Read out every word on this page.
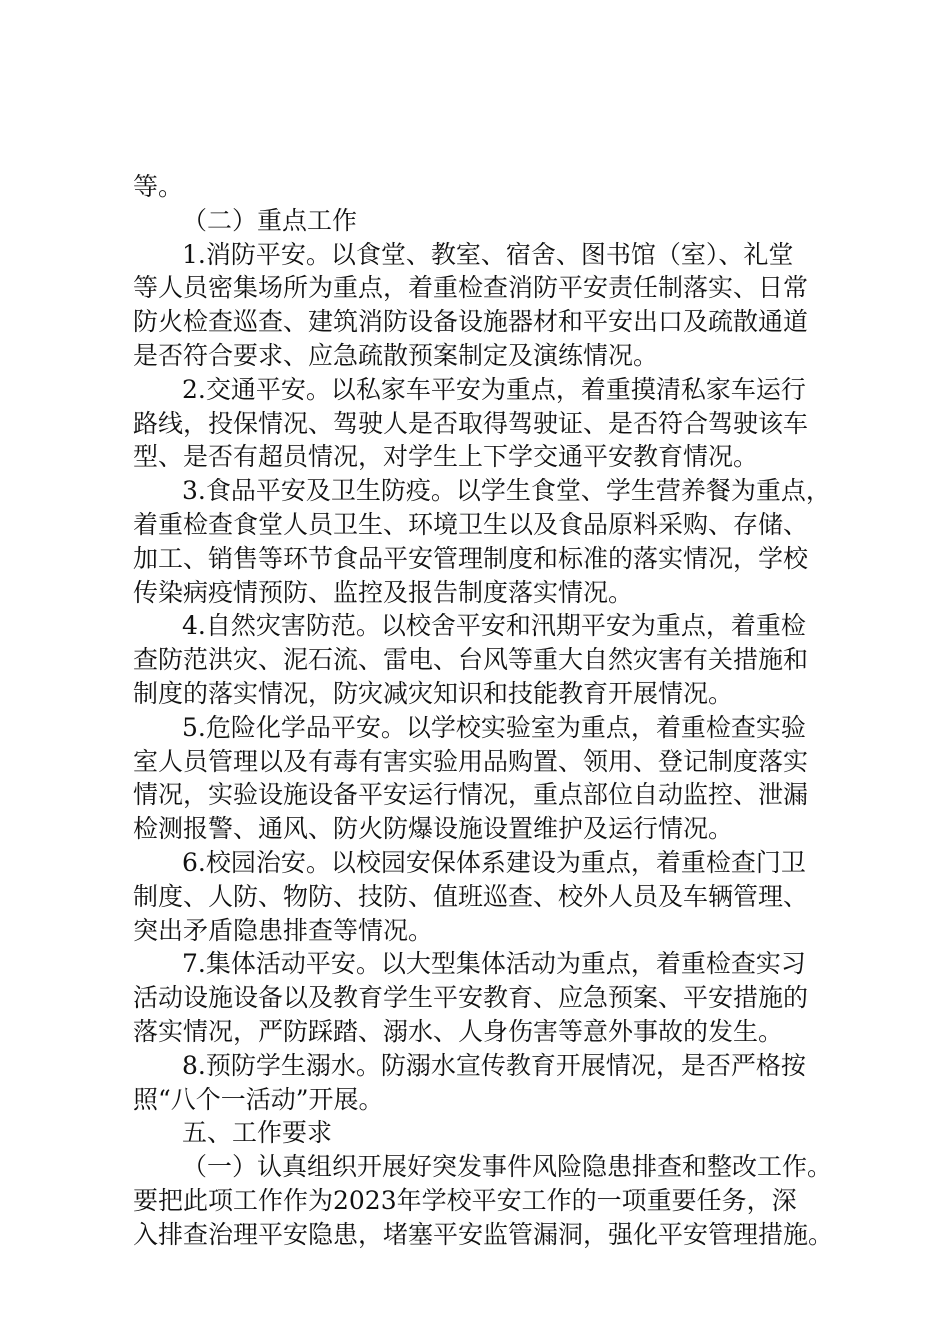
等。
（二）重点工作
1.消防平安。以食堂、教室、宿舍、图书馆（室）、礼堂
等人员密集场所为重点，着重检查消防平安责任制落实、日常
防火检查巡查、建筑消防设备设施器材和平安出口及疏散通道
是否符合要求、应急疏散预案制定及演练情况。
2.交通平安。以私家车平安为重点，着重摸清私家车运行
路线，投保情况、驾驶人是否取得驾驶证、是否符合驾驶该车
型、是否有超员情况，对学生上下学交通平安教育情况。
3.食品平安及卫生防疫。以学生食堂、学生营养餐为重点，
着重检查食堂人员卫生、环境卫生以及食品原料采购、存储、
加工、销售等环节食品平安管理制度和标准的落实情况，学校
传染病疫情预防、监控及报告制度落实情况。
4.自然灾害防范。以校舍平安和汛期平安为重点，着重检
查防范洪灾、泥石流、雷电、台风等重大自然灾害有关措施和
制度的落实情况，防灾减灾知识和技能教育开展情况。
5.危险化学品平安。以学校实验室为重点，着重检查实验
室人员管理以及有毒有害实验用品购置、领用、登记制度落实
情况，实验设施设备平安运行情况，重点部位自动监控、泄漏
检测报警、通风、防火防爆设施设置维护及运行情况。
6.校园治安。以校园安保体系建设为重点，着重检查门卫
制度、人防、物防、技防、值班巡查、校外人员及车辆管理、
突出矛盾隐患排查等情况。
7.集体活动平安。以大型集体活动为重点，着重检查实习
活动设施设备以及教育学生平安教育、应急预案、平安措施的
落实情况，严防踩踏、溺水、人身伤害等意外事故的发生。
8.预防学生溺水。防溺水宣传教育开展情况，是否严格按
照“八个一活动”开展。
五、工作要求
（一）认真组织开展好突发事件风险隐患排查和整改工作。
要把此项工作作为2023年学校平安工作的一项重要任务，深
入排查治理平安隐患，堵塞平安监管漏洞，强化平安管理措施。
